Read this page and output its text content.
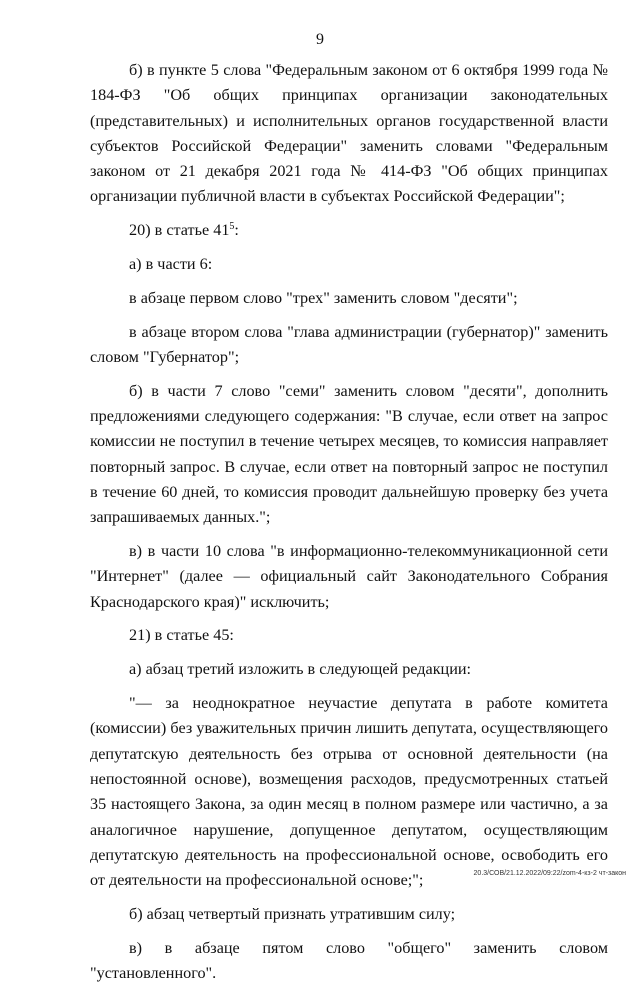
9

б) в пункте 5 слова "Федеральным законом от 6 октября 1999 года № 184-ФЗ "Об общих принципах организации законодательных (представительных) и исполнительных органов государственной власти субъектов Российской Федерации" заменить словами "Федеральным законом от 21 декабря 2021 года № 414-ФЗ "Об общих принципах организации публичной власти в субъектах Российской Федерации";

20) в статье $41^5$:

а) в части 6:

в абзаце первом слово "трех" заменить словом "десяти";

в абзаце втором слова "глава администрации (губернатор)" заменить словом "Губернатор";

б) в части 7 слово "семи" заменить словом "десяти", дополнить предложениями следующего содержания: "В случае, если ответ на запрос комиссии не поступил в течение четырех месяцев, то комиссия направляет повторный запрос. В случае, если ответ на повторный запрос не поступил в течение 60 дней, то комиссия проводит дальнейшую проверку без учета запрашиваемых данных.";

в) в части 10 слова "в информационно-телекоммуникационной сети "Интернет" (далее — официальный сайт Законодательного Собрания Краснодарского края)" исключить;

21) в статье 45:

а) абзац третий изложить в следующей редакции:

"— за неоднократное неучастие депутата в работе комитета (комиссии) без уважительных причин лишить депутата, осуществляющего депутатскую деятельность без отрыва от основной деятельности (на непостоянной основе), возмещения расходов, предусмотренных статьей 35 настоящего Закона, за один месяц в полном размере или частично, а за аналогичное нарушение, допущенное депутатом, осуществляющим депутатскую деятельность на профессиональной основе, освободить его от деятельности на профессиональной основе;";

б) абзац четвертый признать утратившим силу;

в) в абзаце пятом слово "общего" заменить словом "установленного".

20.3/СОВ/21.12.2022/09:22/zom-4-кз-2 чт-закон
